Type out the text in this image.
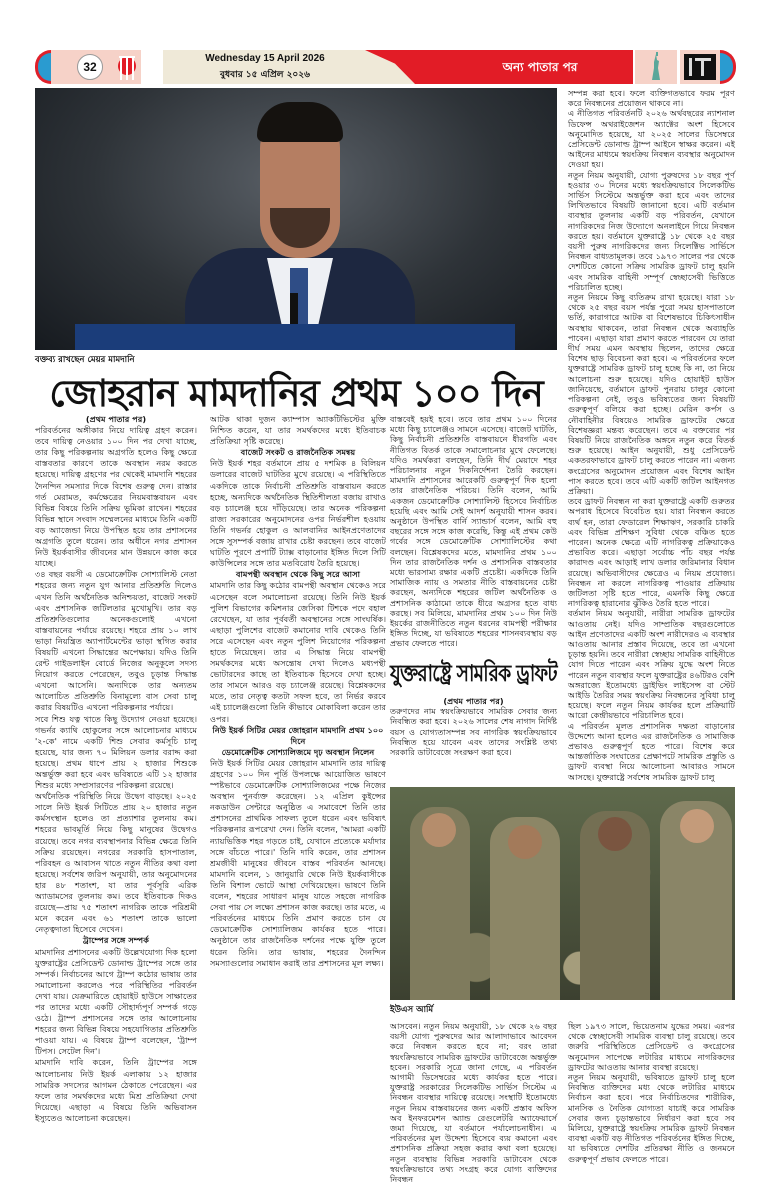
32
Wednesday 15 April 2026
বুধবার ১৫ এপ্রিল ২০২৬
অন্য পাতার পর
বক্তব্য রাখছেন মেয়র মামদানি
জোহরান মামদানির প্রথম ১০০ দিন

(প্রথম পাতার পর)

পরিবর্তনের অঙ্গীকার নিয়ে দায়িত্ব গ্রহণ করেন। তবে দায়িত্ব নেওয়ার ১০০ দিন পর দেখা যাচ্ছে, তার কিছু পরিকল্পনায় অগ্রগতি হলেও কিছু ক্ষেত্রে বাস্তবতার কারণে তাকে অবস্থান নরম করতে হয়েছে। দায়িত্ব গ্রহণের পর থেকেই মামদানি শহরের দৈনন্দিন সমস্যার দিকে বিশেষ গুরুত্ব দেন। রাস্তার গর্ত মেরামত, কর্মক্ষেত্রের নিয়মবাস্তবায়ন এবং বিভিন্ন বিষয়ে তিনি সক্রিয় ভূমিকা রাখেন। শহরের বিভিন্ন স্থানে সংবাদ সম্মেলনের মাধ্যমে তিনি একটি বড় অ্যাজেন্ডা নিয়ে উপস্থিত হয়ে তার প্রশাসনের অগ্রগতি তুলে ধরেন। তার অধীনে নগর প্রশাসন নিউ ইয়র্কবাসীর জীবনের মান উন্নয়নে কাজ করে যাচ্ছে।

৩৪ বছর বয়সী এ ডেমোক্রেটিক সোশ্যালিস্ট নেতা শহরের জন্য নতুন যুগ আনার প্রতিশ্রুতি দিলেও এখন তিনি অর্থনৈতিক অনিশ্চয়তা, বাজেট সংকট এবং প্রশাসনিক জটিলতার মুখোমুখি। তার বড় প্রতিশ্রুতিগুলোর অনেকগুলোই এখনো বাস্তবায়নের পর্যায়ে রয়েছে। শহরে প্রায় ১০ লাখ ভাড়া নিয়ন্ত্রিত অ্যাপার্টমেন্টের ভাড়া স্থগিত করার বিষয়টি এখনো সিদ্ধান্তের অপেক্ষায়। যদিও তিনি রেন্ট গাইডলাইন বোর্ডে নিজের অনুকূলে সদস্য নিয়োগ করতে পেরেছেন, তবুও চূড়ান্ত সিদ্ধান্ত এখনো আসেনি। অন্যদিকে তার অন্যতম আলোচিত প্রতিশ্রুতি বিনামূল্যে বাস সেবা চালু করার বিষয়টিও এখনো পরিকল্পনার পর্যায়ে।

সবে শিশু যত্ন খাতে কিছু উদ্যোগ নেওয়া হয়েছে। গভর্নর ক্যাথি হোকুলের সঙ্গে আলোচনার মাধ্যমে '২-কে' নামে একটি শিশু সেবার কর্মসূচি চালু হয়েছে, যার জন্য ৭০ মিলিয়ন ডলার বরাদ্দ করা হয়েছে। প্রথম ধাপে প্রায় ২ হাজার শিশুকে অন্তর্ভুক্ত করা হবে এবং ভবিষ্যতে এটি ১২ হাজার শিশুর মধ্যে সম্প্রসারণের পরিকল্পনা রয়েছে।

অর্থনৈতিক পরিস্থিতি নিয়ে উদ্বেগ বাড়ছে। ২০২৫ সালে নিউ ইয়র্ক সিটিতে প্রায় ২০ হাজার নতুন কর্মসংস্থান হলেও তা প্রত্যাশার তুলনায় কম। শহরের ভাবমূর্তি নিয়ে কিছু মানুষের উদ্বেগও রয়েছে। তবে নগর ব্যবস্থাপনার বিভিন্ন ক্ষেত্রে তিনি সক্রিয় রয়েছেন। নগরের সরকারি হাসপাতাল, পরিবহন ও আবাসন খাতে নতুন নীতির কথা বলা হয়েছে। সর্বশেষ জরিপ অনুযায়ী, তার অনুমোদনের হার ৪৮ শতাংশ, যা তার পূর্বসূরি এরিক অ্যাডামসের তুলনায় কম। তবে ইতিবাচক দিকও রয়েছে—প্রায় ৭৫ শতাংশ নাগরিক তাকে পরিশ্রমী মনে করেন এবং ৬১ শতাংশ তাকে ভালো নেতৃত্বদাতা হিসেবে দেখেন।

ট্রাম্পের সঙ্গে সম্পর্ক

মামদানির প্রশাসনের একটি উল্লেখযোগ্য দিক হলো যুক্তরাষ্ট্রের প্রেসিডেন্ট ডোনাল্ড ট্রাম্পের সঙ্গে তার সম্পর্ক। নির্বাচনের আগে ট্রাম্প কঠোর ভাষায় তার সমালোচনা করলেও পরে পরিস্থিতির পরিবর্তন দেখা যায়। যেক্রমারিতে হোয়াইট হাউসে সাক্ষাতের পর তাদের মধ্যে একটি সৌহার্দ্যপূর্ণ সম্পর্ক গড়ে ওঠে। ট্রাম্প প্রশাসনের সঙ্গে তার আলোচনায় শহরের জন্য বিভিন্ন বিষয়ে সহযোগিতার প্রতিশ্রুতি পাওয়া যায়। এ বিষয়ে ট্রাম্প বলেছেন, 'ট্রাম্প টিপস। সেটেল দিন'।

মামদানি দাবি করেন, তিনি ট্রাম্পের সঙ্গে আলোচনায় নিউ ইয়র্ক এলাকায় ১২ হাজার সামরিক সদস্যের আগমন ঠেকাতে পেরেছেন। এর ফলে তার সমর্থকদের মধ্যে মিশ্র প্রতিক্রিয়া দেখা দিয়েছে। এছাড়া এ বিষয়ে তিনি অভিবাসন ইস্যুতেও আলোচনা করেছেন।

আটক থাকা দুজন ক্যাম্পাস অ্যাকটিভিস্টের মুক্তি নিশ্চিত করেন, যা তার সমর্থকদের মধ্যে ইতিবাচক প্রতিক্রিয়া সৃষ্টি করেছে।

বাজেট সংকট ও রাজনৈতিক সমন্বয়

নিউ ইয়র্ক শহর বর্তমানে প্রায় ৫ দশমিক ৪ বিলিয়ন ডলারের বাজেট ঘাটতির মুখে রয়েছে। এ পরিস্থিতিতে একদিকে তাকে নির্বাচনী প্রতিশ্রুতি বাস্তবায়ন করতে হচ্ছে, অন্যদিকে অর্থনৈতিক স্থিতিশীলতা বজায় রাখাও বড় চ্যালেঞ্জ হয়ে দাঁড়িয়েছে। তার অনেক পরিকল্পনা রাজ্য সরকারের অনুমোদনের ওপর নির্ভরশীল হওয়ায় তিনি গভর্নর হোকুল ও আলবানির আইনপ্রণেতাদের সঙ্গে সুসম্পর্ক বজায় রাখার চেষ্টা করছেন। তবে বাজেট ঘাটতি পূরণে প্রপার্টি ট্যাক্স বাড়ানোর ইঙ্গিত দিলে সিটি কাউন্সিলের সঙ্গে তার মতবিরোধ তৈরি হয়েছে।

বামপন্থী অবস্থান থেকে কিছু সরে আসা

মামদানি তার কিছু কঠোর বামপন্থী অবস্থান থেকেও সরে এসেছেন বলে সমালোচনা রয়েছে। তিনি নিউ ইয়র্ক পুলিশ বিভাগের কমিশনার জেসিকা টিশকে পদে বহাল রেখেছেন, যা তার পূর্ববর্তী অবস্থানের সঙ্গে সাংঘর্ষিক। এছাড়া পুলিশের বাজেট কমানোর দাবি থেকেও তিনি সরে এসেছেন এবং নতুন পুলিশ নিয়োগের পরিকল্পনা হাতে নিয়েছেন। তার এ সিদ্ধান্ত নিয়ে বামপন্থী সমর্থকদের মধ্যে অসন্তোষ দেখা দিলেও মধ্যপন্থী ভোটারদের কাছে তা ইতিবাচক হিসেবে দেখা হচ্ছে। তার সামনে আরও বড় চ্যালেঞ্জ রয়েছে। বিশ্লেষকদের মতে, তার নেতৃত্ব কতটা সফল হবে, তা নির্ভর করবে এই চ্যালেঞ্জগুলো তিনি কীভাবে মোকাবিলা করেন তার ওপর।

নিউ ইয়র্ক সিটির মেয়র জোহরান মামদানি প্রথম ১০০ দিনে

ডেমোক্রেটিক সোশ্যালিজমে দৃঢ় অবস্থান নিলেন

নিউ ইয়র্ক সিটির মেয়র জোহরান মামদানি তার দায়িত্ব গ্রহণের ১০০ দিন পূর্তি উপলক্ষে আয়োজিত ভাষণে স্পষ্টভাবে ডেমোক্রেটিক সোশ্যালিজমের পক্ষে নিজের অবস্থান পুনর্ব্যক্ত করেছেন। ১২ এপ্রিল কুইন্সের নকডাউন সেন্টারে অনুষ্ঠিত এ সমাবেশে তিনি তার প্রশাসনের প্রাথমিক সাফল্য তুলে ধরেন এবং ভবিষ্যৎ পরিকল্পনার রূপরেখা দেন। তিনি বলেন, 'আমরা একটি ন্যায়ভিত্তিক শহর গড়তে চাই, যেখানে প্রত্যেকে মর্যাদার সঙ্গে বাঁচতে পারে।' তিনি দাবি করেন, তার প্রশাসন শ্রমজীবী মানুষের জীবনে বাস্তব পরিবর্তন আনছে। মামদানি বলেন, ১ জানুয়ারি থেকে নিউ ইয়র্কবাসীকে তিনি বিশাল ভোটে আস্থা দেখিয়েছেন। ভাষণে তিনি বলেন, শহরের সাধারণ মানুষ যাতে সহজে নাগরিক সেবা পায় সে লক্ষ্যে প্রশাসন কাজ করছে। তার মতে, এ পরিবর্তনের মাধ্যমে তিনি প্রমাণ করতে চান যে ডেমোক্রেটিক সোশ্যালিজম কার্যকর হতে পারে। অনুষ্ঠানে তার রাজনৈতিক দর্শনের পক্ষে যুক্তি তুলে ধরেন তিনি। তার ভাষায়, শহরের দৈনন্দিন সমস্যাগুলোর সমাধান করাই তার প্রশাসনের মূল লক্ষ্য।

বাস্তবেই হয়ই হবে। তবে তার প্রথম ১০০ দিনের মধ্যে কিছু চ্যালেঞ্জও সামনে এসেছে। বাজেট ঘাটতি, কিছু নির্বাচনী প্রতিশ্রুতি বাস্তবায়নে ধীরগতি এবং নীতিগত বিতর্ক তাকে সমালোচনার মুখে ফেলেছে। যদিও সমর্থকরা বলছেন, তিনি দীর্ঘ মেয়াদে শহর পরিচালনার নতুন দিকনির্দেশনা তৈরি করছেন। মামদানি প্রশাসনের আরেকটি গুরুত্বপূর্ণ দিক হলো তার রাজনৈতিক পরিচয়। তিনি বলেন, আমি একজন ডেমোক্রেটিক সোশ্যালিস্ট হিসেবে নির্বাচিত হয়েছি এবং আমি সেই আদর্শ অনুযায়ী শাসন করব। অনুষ্ঠানে উপস্থিত বার্নি স্যান্ডার্স বলেন, আমি বহু বছরের সঙ্গে সঙ্গে কাজ করেছি, কিন্তু এই প্রথম কেউ গর্বের সঙ্গে ডেমোক্রেটিক সোশ্যালিস্টের কথা বলছেন। বিশ্লেষকদের মতে, মামদানির প্রথম ১০০ দিন তার রাজনৈতিক দর্শন ও প্রশাসনিক বাস্তবতার মধ্যে ভারসাম্য রক্ষার একটি প্রচেষ্টা। একদিকে তিনি সামাজিক ন্যায় ও সমতার নীতি বাস্তবায়নের চেষ্টা করছেন, অন্যদিকে শহরের জটিল অর্থনৈতিক ও প্রশাসনিক কাঠামো তাকে ধীরে অগ্রসর হতে বাধ্য করছে। সব মিলিয়ে, মামদানির প্রথম ১০০ দিন নিউ ইয়র্কের রাজনীতিতে নতুন ধরনের বামপন্থী পরীক্ষার ইঙ্গিত দিচ্ছে, যা ভবিষ্যতে শহরের শাসনব্যবস্থায় বড় প্রভাব ফেলতে পারে।

যুক্তরাষ্ট্রে সামরিক ড্রাফট

(প্রথম পাতার পর)

তরুণদের নাম স্বয়ংক্রিয়ভাবে সামরিক সেবার জন্য নিবন্ধিত করা হবে। ২০২৬ সালের শেষ নাগাদ নির্দিষ্ট বয়স ও যোগ্যতাসম্পন্ন সব নাগরিক স্বয়ংক্রিয়ভাবে নিবন্ধিত হয়ে যাবেন এবং তাদের সংশ্লিষ্ট তথ্য সরকারি ডাটাবেজে সংরক্ষণ করা হবে।

সম্পন্ন করা হবে। ফলে ব্যক্তিগতভাবে ফরম পূরণ করে নিবন্ধনের প্রয়োজন থাকবে না।

এ নীতিগত পরিবর্তনটি ২০২৬ অর্থবছরের ন্যাশনাল ডিফেন্স অথরাইজেশন অ্যাক্টের অংশ হিসেবে অনুমোদিত হয়েছে, যা ২০২৫ সালের ডিসেম্বরে প্রেসিডেন্ট ডোনাল্ড ট্রাম্প আইনে স্বাক্ষর করেন। এই আইনের মাধ্যমে স্বয়ংক্রিয় নিবন্ধন ব্যবস্থার অনুমোদন দেওয়া হয়।

নতুন নিয়ম অনুযায়ী, যোগ্য পুরুষদের ১৮ বছর পূর্ণ হওয়ার ৩০ দিনের মধ্যে স্বয়ংক্রিয়ভাবে সিলেকটিভ সার্ভিস সিস্টেমে অন্তর্ভুক্ত করা হবে এবং তাদের লিখিতভাবে বিষয়টি জানানো হবে। এটি বর্তমান ব্যবস্থার তুলনায় একটি বড় পরিবর্তন, যেখানে নাগরিকদের নিজ উদ্যোগে অনলাইনে গিয়ে নিবন্ধন করতে হয়। বর্তমানে যুক্তরাষ্ট্রে ১৮ থেকে ২৫ বছর বয়সী পুরুষ নাগরিকদের জন্য সিলেক্টিভ সার্ভিসে নিবন্ধন বাধ্যতামূলক। তবে ১৯৭৩ সালের পর থেকে দেশটিতে কোনো সক্রিয় সামরিক ড্রাফট চালু হয়নি এবং সামরিক বাহিনী সম্পূর্ণ স্বেচ্ছাসেবী ভিত্তিতে পরিচালিত হচ্ছে।

নতুন নিয়মে কিছু ব্যতিক্রম রাখা হয়েছে। যারা ১৮ থেকে ২৫ বছর বয়স পর্যন্ত পুরো সময় হাসপাতালে ভর্তি, কারাগারে আটক বা বিশেষভাবে চিকিৎসাধীন অবস্থায় থাকবেন, তারা নিবন্ধন থেকে অব্যাহতি পাবেন। এছাড়া যারা প্রমাণ করতে পারবেন যে তারা দীর্ঘ সময় এমন অবস্থায় ছিলেন, তাদের ক্ষেত্রে বিশেষ ছাড় বিবেচনা করা হবে। এ পরিবর্তনের ফলে যুক্তরাষ্ট্রে সামরিক ড্রাফট চালু হচ্ছে কি না, তা নিয়ে আলোচনা শুরু হয়েছে। যদিও হোয়াইট হাউস জানিয়েছে, বর্তমানে ড্রাফট পুনরায় চালুর কোনো পরিকল্পনা নেই, তবুও ভবিষ্যতের জন্য বিষয়টি গুরুত্বপূর্ণ বলিয়ে করা হচ্ছে। মেরিন কর্পস ও নৌবাহিনীর বিষয়েও সামরিক ড্রাফটের ক্ষেত্রে বিশেষজ্ঞরা মন্তব্য করেছেন। তবে এ বক্তব্যের পর বিষয়টি নিয়ে রাজনৈতিক অঙ্গনে নতুন করে বিতর্ক শুরু হয়েছে। আইন অনুযায়ী, শুধু প্রেসিডেন্ট একতরফাভাবে ড্রাফট চালু করতে পারেন না। এজন্য কংগ্রেসের অনুমোদন প্রয়োজন এবং বিশেষ আইন পাস করতে হবে। তবে এটি একটি জটিল আইনগত প্রক্রিয়া।

তবে ড্রাফট নিবন্ধন না করা যুক্তরাষ্ট্রে একটি গুরুতর অপরাধ হিসেবে বিবেচিত হয়। যারা নিবন্ধন করতে ব্যর্থ হন, তারা ফেডারেল শিক্ষাঋণ, সরকারি চাকরি এবং বিভিন্ন প্রশিক্ষণ সুবিধা থেকে বঞ্চিত হতে পারেন। অনেক ক্ষেত্রে এটি নাগরিকত্ব প্রক্রিয়াকেও প্রভাবিত করে। এছাড়া সর্বোচ্চ পাঁচ বছর পর্যন্ত কারাদণ্ড এবং আড়াই লাখ ডলার জরিমানার বিধান রয়েছে। অভিবাসীদের ক্ষেত্রেও এ নিয়ম প্রযোজ্য। নিবন্ধন না করলে নাগরিকত্ব পাওয়ার প্রক্রিয়ায় জটিলতা সৃষ্টি হতে পারে, এমনকি কিছু ক্ষেত্রে নাগরিকত্ব হারানোর ঝুঁকিও তৈরি হতে পারে।

বর্তমান নিয়ম অনুযায়ী, নারীরা সামরিক ড্রাফটের আওতায় নেই। যদিও সাম্প্রতিক বছরগুলোতে আইন প্রণেতাদের একটি অংশ নারীদেরও এ ব্যবস্থার আওতায় আনার প্রস্তাব দিয়েছে, তবে তা এখনো চূড়ান্ত হয়নি। তবে নারীরা স্বেচ্ছায় সামরিক বাহিনীতে যোগ দিতে পারেন এবং সক্রিয় যুদ্ধে অংশ নিতে পারেন নতুন ব্যবস্থার ফলে যুক্তরাষ্ট্রের ৪৬টিরও বেশি অঙ্গরাজ্যে ইতোমধ্যে ড্রাইভিং লাইসেন্স বা স্টেট আইডি তৈরির সময় স্বয়ংক্রিয় নিবন্ধনের সুবিধা চালু হয়েছে। ফলে নতুন নিয়ম কার্যকর হলে প্রক্রিয়াটি আরো কেন্দ্রীয়ভাবে পরিচালিত হবে।

এ পরিবর্তন মূলত প্রশাসনিক দক্ষতা বাড়ানোর উদ্দেশ্যে আনা হলেও এর রাজনৈতিক ও সামাজিক প্রভাবও গুরুত্বপূর্ণ হতে পারে। বিশেষ করে আন্তর্জাতিক সংঘাতের প্রেক্ষাপটে সামরিক প্রস্তুতি ও ড্রাফট ব্যবস্থা নিয়ে আলোচনা আবারও সামনে আসছে। যুক্তরাষ্ট্রে সর্বশেষ সামরিক ড্রাফট চালু

ইউএস আর্মি

আসবেন। নতুন নিয়ম অনুযায়ী, ১৮ থেকে ২৬ বছর বয়সী যোগ্য পুরুষদের আর আলাদাভাবে আবেদন করে নিবন্ধন করতে হবে না; বরং তারা স্বয়ংক্রিয়ভাবে সামরিক ড্রাফটের ডাটাবেজে অন্তর্ভুক্ত হবেন। সরকারি সূত্রে জানা গেছে, এ পরিবর্তন আগামী ডিসেম্বরের মধ্যে কার্যকর হতে পারে। যুক্তরাষ্ট্র সরকারের সিলেকটিভ সার্ভিস সিস্টেম এ নিবন্ধন ব্যবস্থার দায়িত্বে রয়েছে। সংস্থাটি ইতোমধ্যে নতুন নিয়ম বাস্তবায়নের জন্য একটি প্রস্তাব অফিস অব ইনফরমেশন অ্যান্ড রেগুলেটরি অ্যাফেয়ার্সে জমা দিয়েছে, যা বর্তমানে পর্যালোচনাধীন। এ পরিবর্তনের মূল উদ্দেশ্য হিসেবে ব্যয় কমানো এবং প্রশাসনিক প্রক্রিয়া সহজ করার কথা বলা হয়েছে। নতুন ব্যবস্থায় বিভিন্ন সরকারি ডাটাবেস থেকে স্বয়ংক্রিয়ভাবে তথ্য সংগ্রহ করে যোগ্য ব্যক্তিদের নিবন্ধন

ছিল ১৯৭৩ সালে, ভিয়েতনাম যুদ্ধের সময়। এরপর থেকে স্বেচ্ছাসেবী সামরিক ব্যবস্থা চালু রয়েছে। তবে জরুরি পরিস্থিতিতে প্রেসিডেন্ট ও কংগ্রেসের অনুমোদন সাপেক্ষে লটারির মাধ্যমে নাগরিকদের ড্রাফটের আওতায় আনার ব্যবস্থা রয়েছে।

নতুন নিয়ম অনুযায়ী, ভবিষ্যতে ড্রাফট চালু হলে নিবন্ধিত ব্যক্তিদের মধ্য থেকে লটারির মাধ্যমে নির্বাচন করা হবে। পরে নির্বাচিতদের শারীরিক, মানসিক ও নৈতিক যোগ্যতা যাচাই করে সামরিক সেবার জন্য চূড়ান্তভাবে নির্ধারণ করা হবে সব মিলিয়ে, যুক্তরাষ্ট্রে স্বয়ংক্রিয় সামরিক ড্রাফট নিবন্ধন ব্যবস্থা একটি বড় নীতিগত পরিবর্তনের ইঙ্গিত দিচ্ছে, যা ভবিষ্যতে দেশটির প্রতিরক্ষা নীতি ও জনমনে গুরুত্বপূর্ণ প্রভাব ফেলতে পারে।
